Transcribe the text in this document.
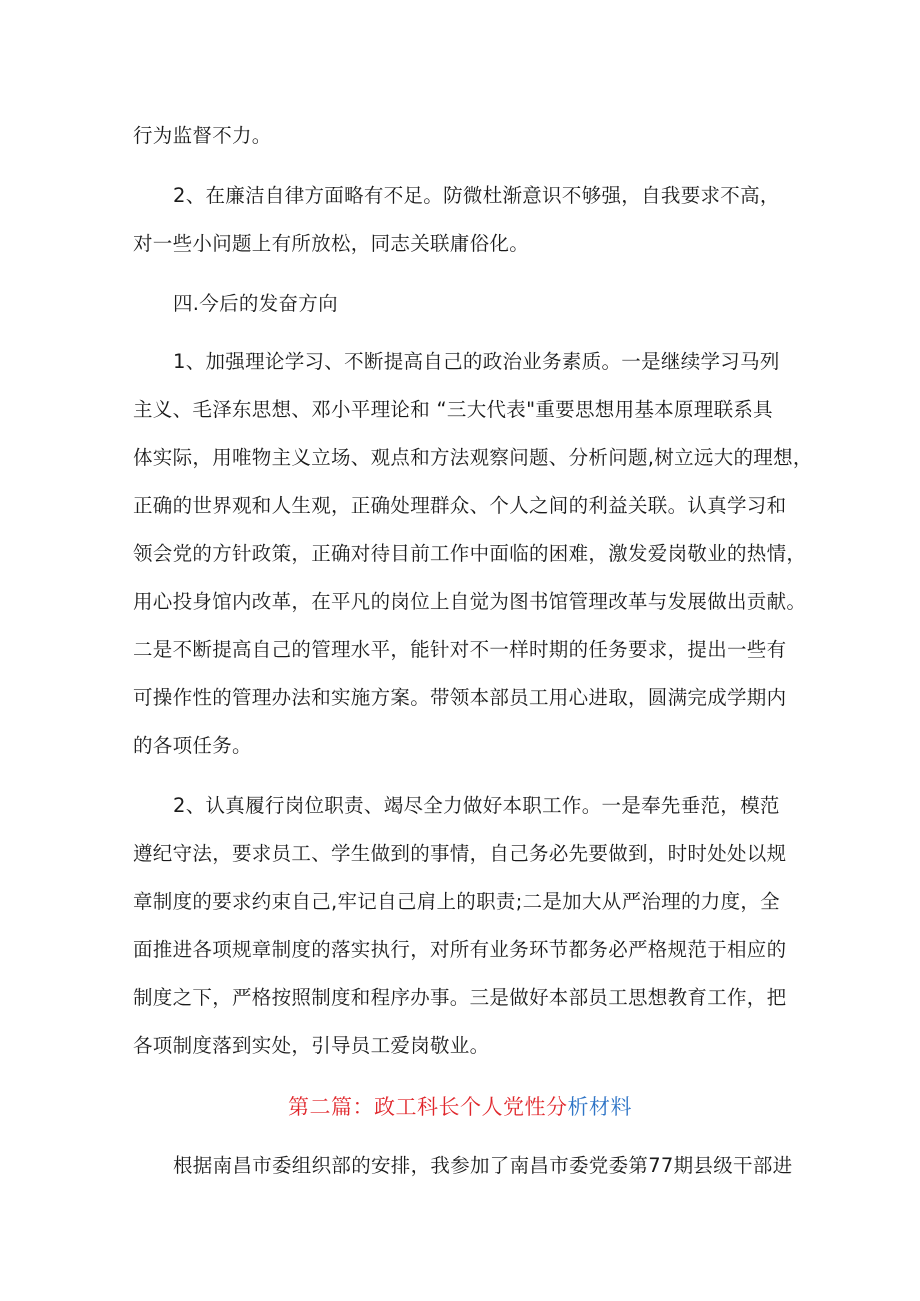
行为监督不力。
2、在廉洁自律方面略有不足。防微杜渐意识不够强，自我要求不高，
对一些小问题上有所放松，同志关联庸俗化。
四.今后的发奋方向
1、加强理论学习、不断提高自己的政治业务素质。一是继续学习马列
主义、毛泽东思想、邓小平理论和 “三大代表"重要思想用基本原理联系具
体实际，用唯物主义立场、观点和方法观察问题、分析问题,树立远大的理想，
正确的世界观和人生观，正确处理群众、个人之间的利益关联。认真学习和
领会党的方针政策，正确对待目前工作中面临的困难，激发爱岗敬业的热情，
用心投身馆内改革，在平凡的岗位上自觉为图书馆管理改革与发展做出贡献。
二是不断提高自己的管理水平，能针对不一样时期的任务要求，提出一些有
可操作性的管理办法和实施方案。带领本部员工用心进取，圆满完成学期内
的各项任务。
2、认真履行岗位职责、竭尽全力做好本职工作。一是奉先垂范，模范
遵纪守法，要求员工、学生做到的事情，自己务必先要做到，时时处处以规
章制度的要求约束自己,牢记自己肩上的职责;二是加大从严治理的力度，全
面推进各项规章制度的落实执行，对所有业务环节都务必严格规范于相应的
制度之下，严格按照制度和程序办事。三是做好本部员工思想教育工作，把
各项制度落到实处，引导员工爱岗敬业。
第二篇：政工科长个人党性分析材料
根据南昌市委组织部的安排，我参加了南昌市委党委第77期县级干部进
